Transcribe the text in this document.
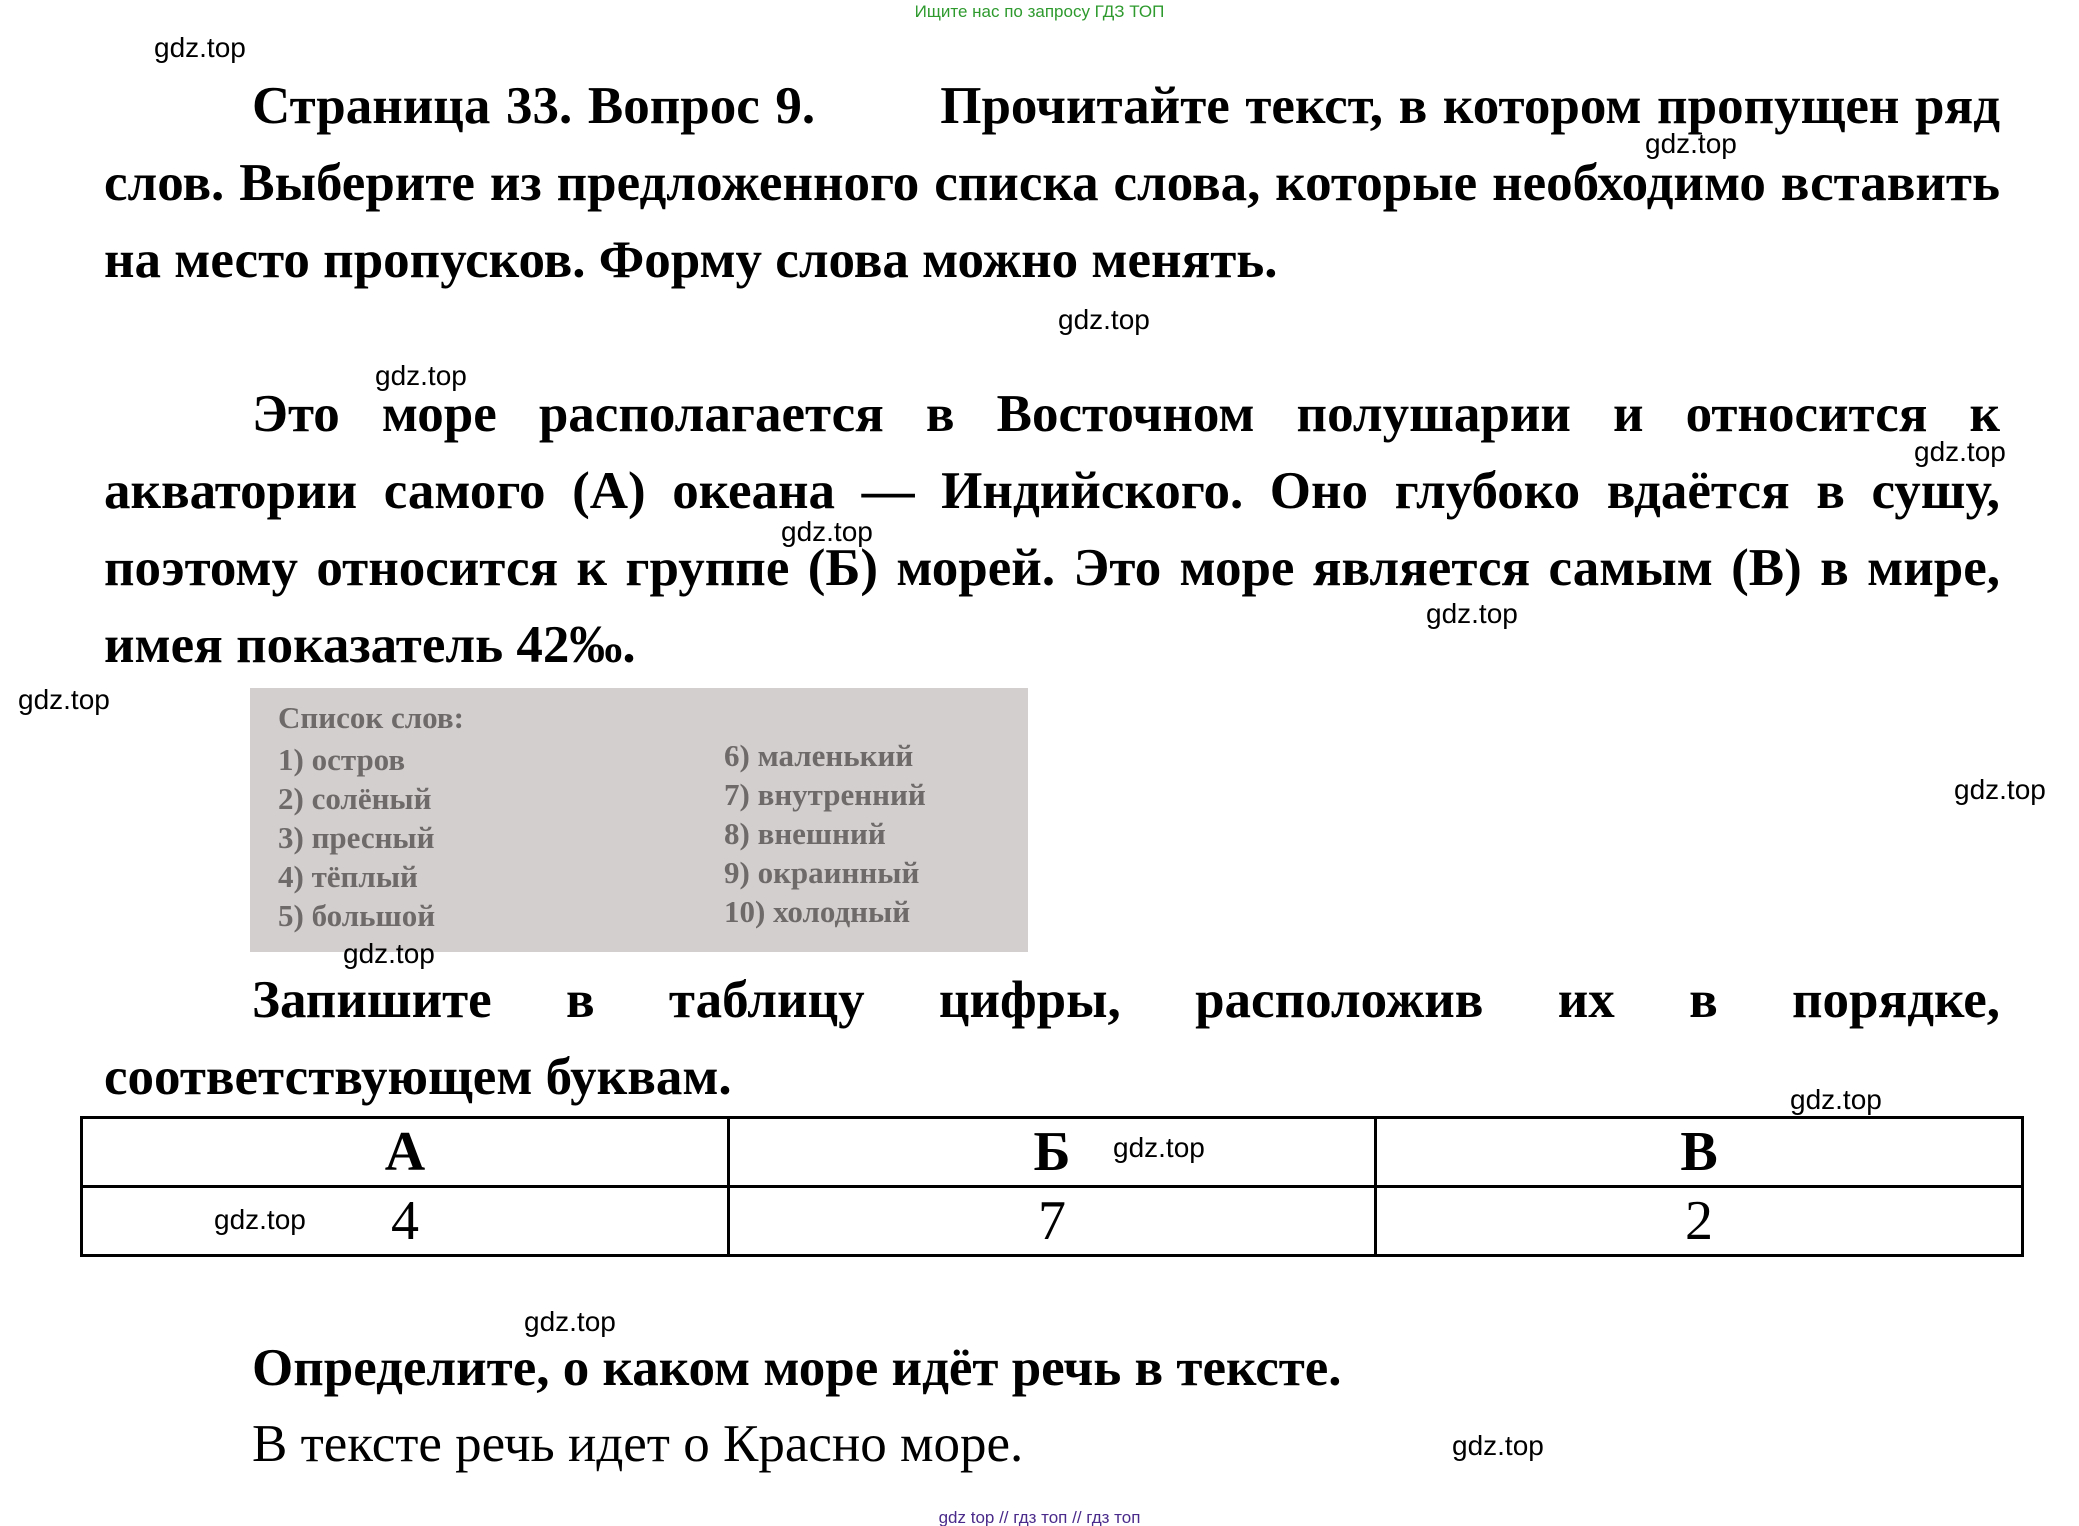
Ищите нас по запросу ГДЗ ТОП
Страница 33. Вопрос 9. Прочитайте текст, в котором пропущен ряд слов. Выберите из предложенного списка слова, которые необходимо вставить на место пропусков. Форму слова можно менять.
Это море располагается в Восточном полушарии и относится к акватории самого (А) океана — Индийского. Оно глубоко вдаётся в сушу, поэтому относится к группе (Б) морей. Это море является самым (В) в мире, имея показатель 42‰.
Список слов:
1) остров
2) солёный
3) пресный
4) тёплый
5) большой
6) маленький
7) внутренний
8) внешний
9) окраинный
10) холодный
Запишите в таблицу цифры, расположив их в порядке, соответствующем буквам.
А	Б	В
4	7	2
Определите, о каком море идёт речь в тексте.
В тексте речь идет о Красно море.
gdz.top
gdz.top
gdz.top
gdz.top
gdz.top
gdz.top
gdz.top
gdz.top
gdz.top
gdz.top
gdz.top
gdz.top
gdz.top
gdz.top
gdz.top
gdz top // гдз топ // гдз топ
